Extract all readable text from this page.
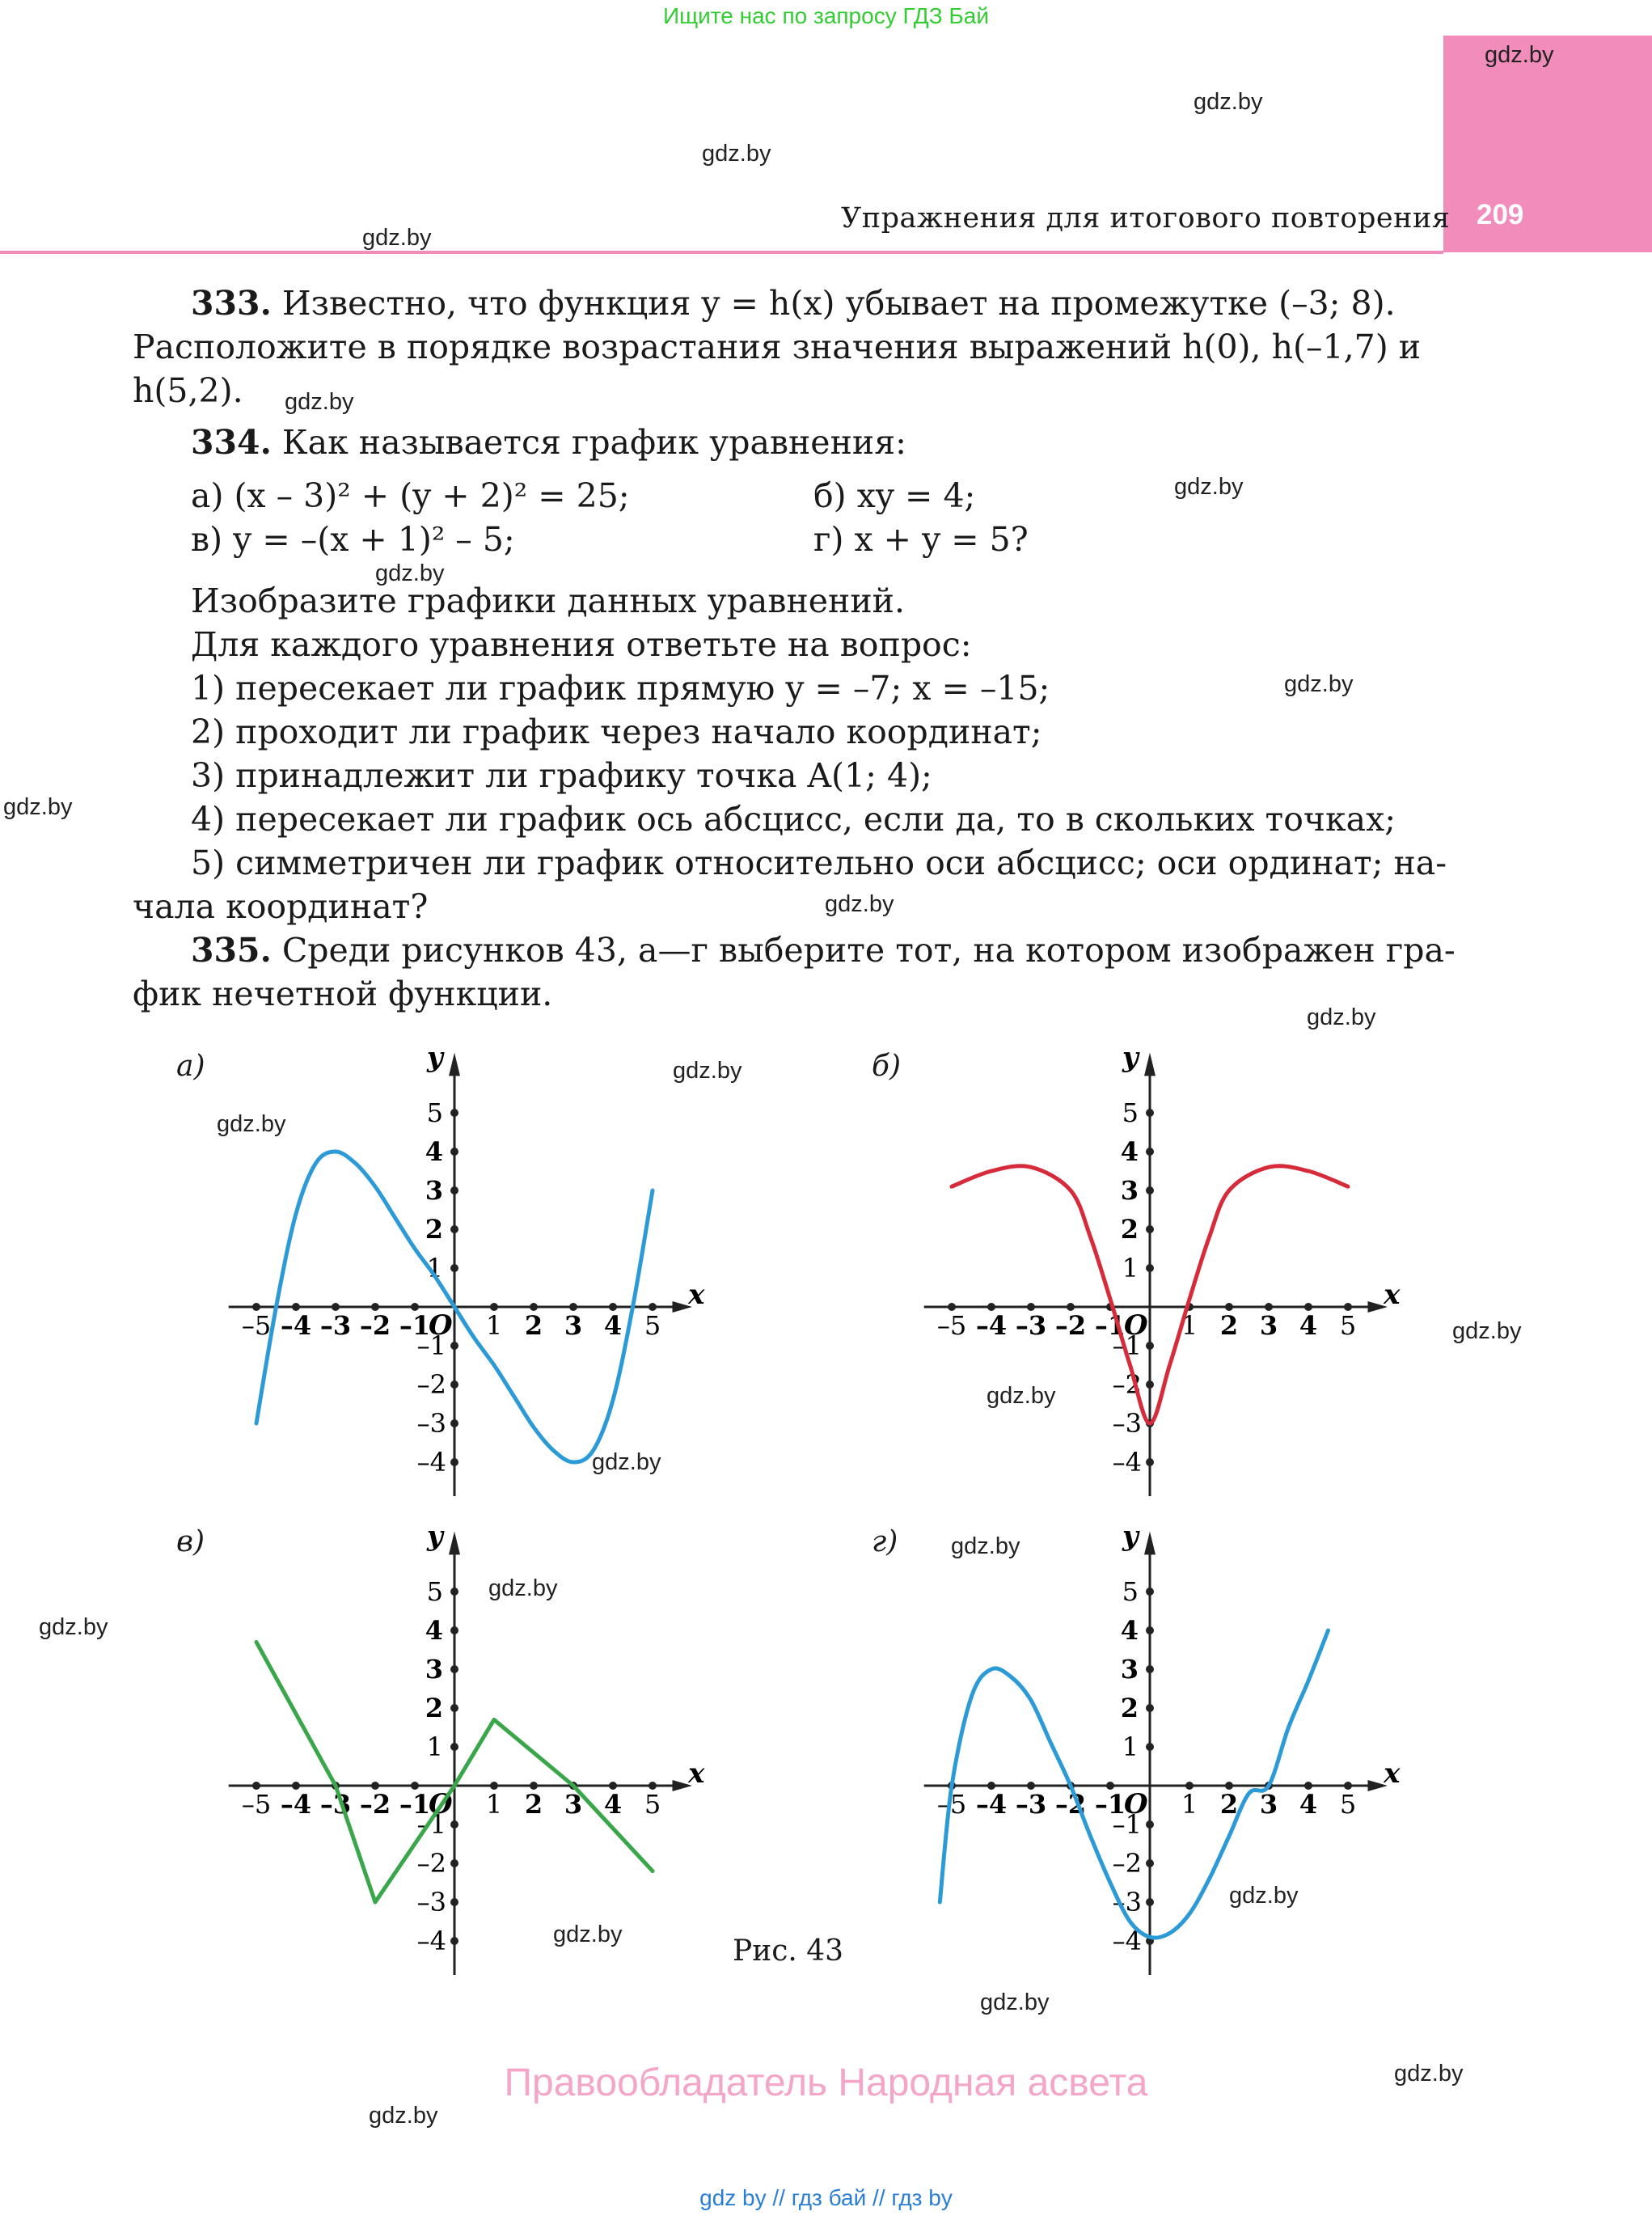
Ищите нас по запросу ГДЗ Бай
Упражнения для итогового повторения 209
gdz.by
gdz.by
gdz.by
gdz.by
gdz.by
gdz.by
gdz.by
gdz.by
gdz.by
gdz.by
gdz.by
gdz.by
gdz.by
gdz.by
gdz.by
gdz.by
gdz.by
gdz.by
gdz.by
gdz.by
gdz.by
gdz.by
gdz.by
gdz.by
333. Известно, что функция y = h(x) убывает на промежутке (–3; 8).
Расположите в порядке возрастания значения выражений h(0), h(–1,7) и
h(5,2).
334. Как называется график уравнения:
а) (x – 3)² + (y + 2)² = 25;	б) xy = 4;
в) y = –(x + 1)² – 5;	г) x + y = 5?
Изобразите графики данных уравнений.
Для каждого уравнения ответьте на вопрос:
1) пересекает ли график прямую y = –7; x = –15;
2) проходит ли график через начало координат;
3) принадлежит ли графику точка A(1; 4);
4) пересекает ли график ось абсцисс, если да, то в скольких точках;
5) симметричен ли график относительно оси абсцисс; оси ординат; на-
чала координат?
335. Среди рисунков 43, а—г выберите тот, на котором изображен гра-
фик нечетной функции.
а)	б)
в)	г)
x
y
O
–5 –4 –3 –2 –1 1 2 3 4 5
1
2
3
4
5
–1
–2
–3
–4
x
y
O
–5 –4 –3 –2 –1 1 2 3 4 5
1
2
3
4
5
–1
–2
–3
–4
x
y
O
–5 –4 –3 –2 –1 1 2 3 4 5
1
2
3
4
5
–1
–2
–3
–4
x
y
O
–5 –4 –3 –2 –1 1 2 3 4 5
1
2
3
4
5
–1
–2
–3
–4
Рис. 43
Правообладатель Народная асвета
gdz by // гдз бай // гдз by
